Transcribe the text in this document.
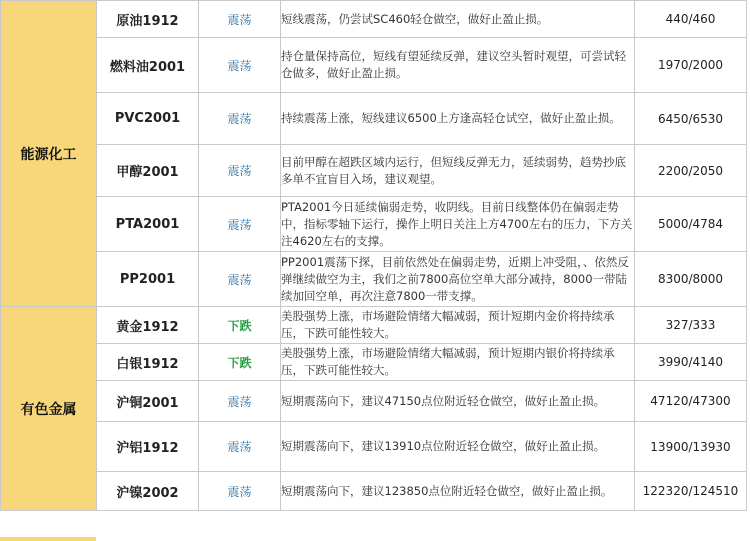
能源化工	原油1912	震荡	短线震荡，仍尝试SC460轻仓做空，做好止盈止损。	440/460
	燃料油2001	震荡	持仓量保持高位，短线有望延续反弹，建议空头暂时观望，可尝试轻仓做多，做好止盈止损。	1970/2000
	PVC2001	震荡	持续震荡上涨，短线建议6500上方逢高轻仓试空，做好止盈止损。	6450/6530
	甲醇2001	震荡	目前甲醇在超跌区域内运行，但短线反弹无力，延续弱势，趋势抄底多单不宜盲目入场，建议观望。	2200/2050
	PTA2001	震荡	PTA2001今日延续偏弱走势，收阴线。目前日线整体仍在偏弱走势中，指标零轴下运行，操作上明日关注上方4700左右的压力，下方关注4620左右的支撑。	5000/4784
	PP2001	震荡	PP2001震荡下探，目前依然处在偏弱走势，近期上冲受阻，、依然反弹继续做空为主，我们之前7800高位空单大部分减持，8000一带陆续加回空单，再次注意7800一带支撑。	8300/8000
有色金属	黄金1912	下跌	美股强势上涨，市场避险情绪大幅减弱，预计短期内金价将持续承压，下跌可能性较大。	327/333
	白银1912	下跌	美股强势上涨，市场避险情绪大幅减弱，预计短期内银价将持续承压，下跌可能性较大。	3990/4140
	沪铜2001	震荡	短期震荡向下，建议47150点位附近轻仓做空，做好止盈止损。	47120/47300
	沪铝1912	震荡	短期震荡向下，建议13910点位附近轻仓做空，做好止盈止损。	13900/13930
	沪镍2002	震荡	短期震荡向下，建议123850点位附近轻仓做空，做好止盈止损。	122320/124510
